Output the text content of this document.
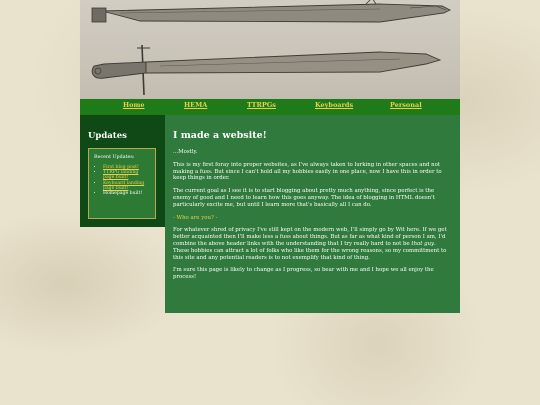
Home	HEMA	TTRPGs	Keyboards	Personal
Updates
Recent Updates:
• First blog post!
• TTRPG landing page built!
• Keyboard landing page built!
• Homepage built!
I made a website!

...Mostly.

This is my first foray into proper websites, as I've always taken to lurking in other spaces and not making a fuss. But since I can't hold all my hobbies easily in one place, now I have this in order to keep things in order.

The current goal as I see it is to start blogging about pretty much anything, since perfect is the enemy of good and I need to learn how this goes anyway. The idea of blogging in HTML doesn't particularly excite me, but until I learn more that's basically all I can do.

- Who are you? -

For whatever shred of privacy I've still kept on the modern web, I'll simply go by Wit here. If we get better acquainted then I'll make less a fuss about things. But as far as what kind of person I am, I'd combine the above header links with the understanding that I try really hard to not be that guy. These hobbies can attract a lot of folks who like them for the wrong reasons, so my committment to this site and any potential readers is to not exemplify that kind of thing.

I'm sure this page is likely to change as I progress, so bear with me and I hope we all enjoy the process!
